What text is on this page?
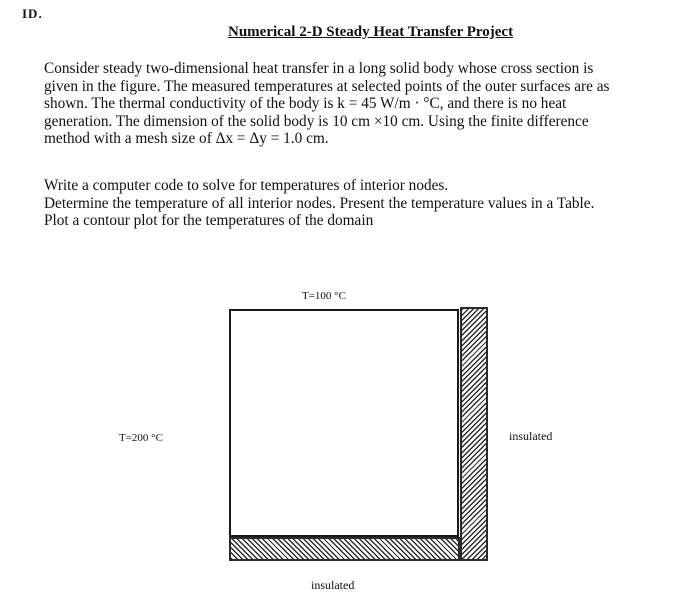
ID.
Numerical 2-D Steady Heat Transfer Project
Consider steady two-dimensional heat transfer in a long solid body whose cross section is
given in the figure. The measured temperatures at selected points of the outer surfaces are as
shown. The thermal conductivity of the body is k = 45 W/m · °C, and there is no heat
generation. The dimension of the solid body is 10 cm ×10 cm. Using the finite difference
method with a mesh size of Δx = Δy = 1.0 cm.
Write a computer code to solve for temperatures of interior nodes.
Determine the temperature of all interior nodes. Present the temperature values in a Table.
Plot a contour plot for the temperatures of the domain
T=100 °C
T=200 °C	insulated
insulated
